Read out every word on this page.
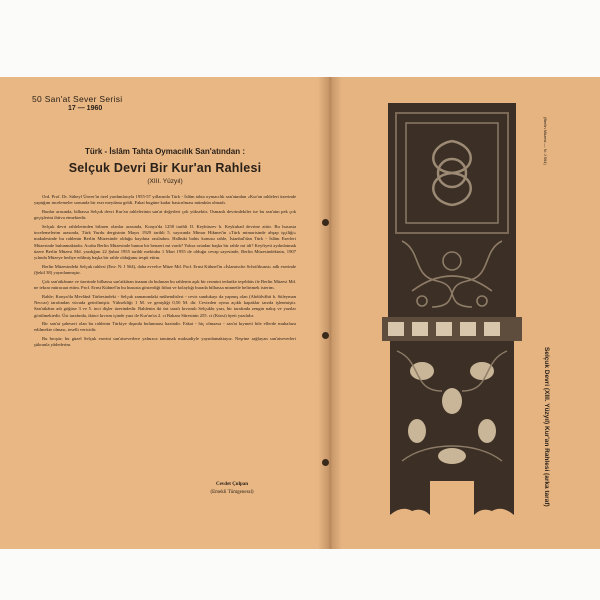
50 San'at Sever Serisi
17 — 1960
Türk - İslâm Tahta Oymacılık San'atından :
Selçuk Devri Bir Kur'an Rahlesi
(XIII. Yüzyıl)

Ord. Prof. Dr. Süheyl Ünver'in özel yardımlarıyla 1955-57 yıllarında Türk - İslâm tahta oymacılık san'atından «Kur'an rahleleri üzerinde yaptığım incelemeler sonunda bir eser meydana geldi. Fakat bugüne kadar bastırılması mümkün olmadı.

Bunlar arasında, bilhassa Selçuk devri Kur'an rahlelerinin san'at değerleri çok yüksektir. Osmanlı devrindekiler ise bu san'atın pek çok geçişlerini ihtiva etmektedir.

Selçuk devri rahlelerinden bilinen olanlar arasında, Konya'da 1258 tarihli II. Keyhüsrev b. Keykubad devrine aittir. Bu hususta incelemelerim arasında, Türk Yurdu dergisinin Mayıs 1929 tarihli 5. sayısında Mimar Hikmet'in «Türk mimarisinde ahşap işçiliği» makalesinde bu rahlenin Berlin Müzesinde olduğu kaydına rastladım. Halbuki bahis konusu rahle, İstanbul'dan Türk - İslâm Eserleri Müzesinde bulunmaktadır. Acaba Berlin Müzesinde bunun bir benzeri mi vardı? Yoksa ortadan başka bir rahle mi idi? Keyfiyeti aydınlatmak üzere Berlin Müzesi Md. yazdığım 22 Şubat 1955 tarihli mektuba 1 Mart 1955 de olduğu cevap sayesinde, Berlin Müzesindekinin, 1907 yılında Müzeye hediye edilmiş başka bir rahle olduğunu tespit ettim.

Berlin Müzesindeki Selçuk rahlesi (Env. N: J 564), daha evvelce Müze Md. Prof. Ernst Kühnel'in «İslamische Schriftkunst» adlı eserinde (Şekil 38) yayınlanmıştır.

Çok san'atkârane ve üzerinde bilhassa san'atkâran inanan da bulunan bu rahlenin aşık bir resmini tedarike teşebbüs ile Berlin Müzesi Md. ne tekrar müracaat ettim. Prof. Ernst Kühnel'in bu hususta gösterdiği fitbat ve kolaylığı burada bilhassa minnetle belirtmek isterim.

Rahle; Konya'da Mevlânâ Türbesindeki - Selçuk zamanındaki mühendisleri - cevis sandukayı da yapmış olan (Abdülvâhit b. Süleyman Neccar) tarafından vücuda getirilmiştir. Yüksekliği 1 M. ve genişliği 0,50 M. dir. Cevizden oyma açıklı kapaklar tarzda işlenmiştir. San'atkârın adı göğüse 3 ve 5. inci dişler üzerindedir. Rahlenin iki üst tarafı kıvrımlı Selçuklu yazı, bir tarafında zengin nakış ve yazılar görülmektedir. Üst tarafında, ikinci kıvrım içinde yazı ile Kur'an'ın 2. ci Bakara Sûresinin 255. ci (Kürsi) âyeti yazılıdır.

Bir san'at şaheseri olan bu rahlenin Türkiye dışında bulunması hazindir. Fakat - hiç olmazsa - san'at kıymeti bile ellerde muhafaza edilmekte olması, teselli vericidir.

Bu broşür; bu güzel Selçuk eserini san'atseverlere yalnızca tanıtmak maksadiyle yayınlamaktayız. Neşrine sağlayan san'atseverleri şükranla yâdederim.

Cevdet Çulpan
(Emekli Tümgeneral)	Selçuk Devri (XIII. Yüzyıl) Kur'an Rahlesi (arka taraf)
(Berlin Müzesi — N: J 564)
